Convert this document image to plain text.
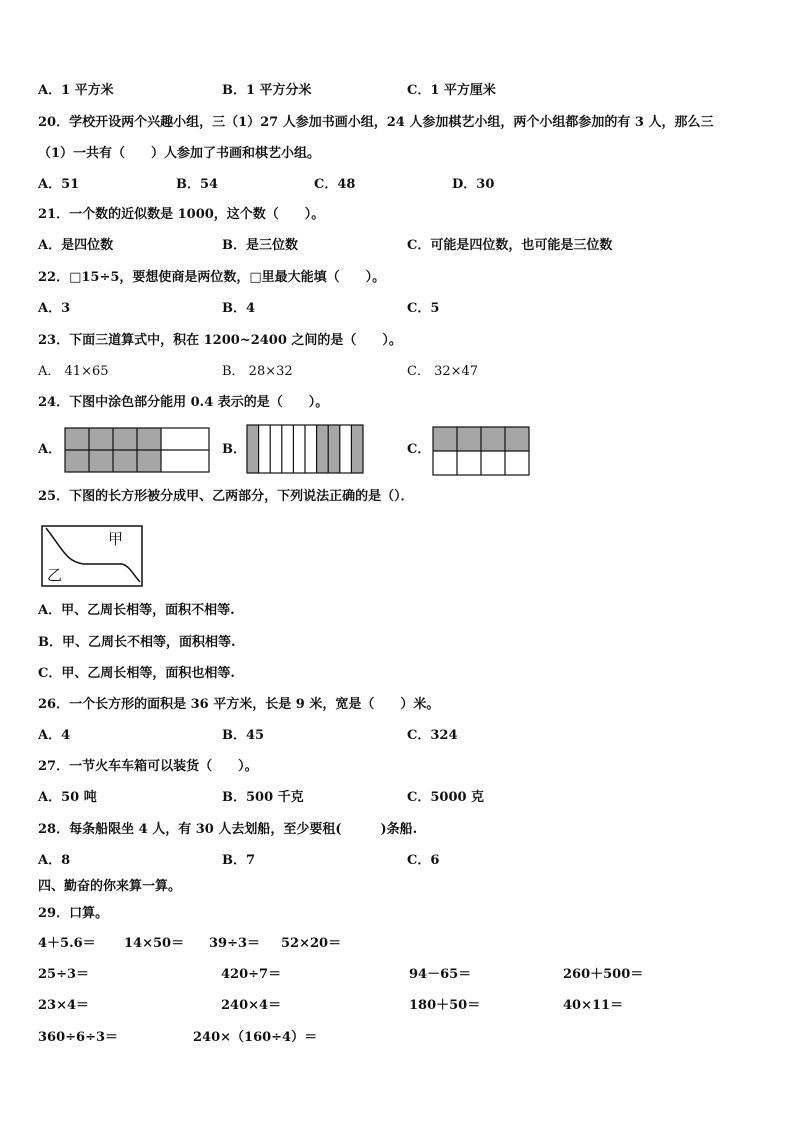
A．1 平方米	B．1 平方分米	C．1 平方厘米
20．学校开设两个兴趣小组，三（1）27 人参加书画小组，24 人参加棋艺小组，两个小组都参加的有 3 人，那么三
（1）一共有（　　）人参加了书画和棋艺小组。
A．51	B．54	C．48	D．30
21．一个数的近似数是 1000，这个数（　　）。
A．是四位数	B．是三位数	C．可能是四位数，也可能是三位数
22．□15÷5，要想使商是两位数，□里最大能填（　　）。
A．3	B．4	C．5
23．下面三道算式中，积在 1200~2400 之间的是（　　）。
A． 41×65	B． 28×32	C． 32×47
24．下图中涂色部分能用 0.4 表示的是（　　）。
A．	B．	C．
25．下图的长方形被分成甲、乙两部分，下列说法正确的是（）．
甲
乙
A．甲、乙周长相等，面积不相等.
B．甲、乙周长不相等，面积相等.
C．甲、乙周长相等，面积也相等.
26．一个长方形的面积是 36 平方米，长是 9 米，宽是（　　）米。
A．4	B．45	C．324
27．一节火车车箱可以装货（　　）。
A．50 吨	B．500 千克	C．5000 克
28．每条船限坐 4 人，有 30 人去划船，至少要租(　　　)条船.
A．8	B．7	C．6
四、勤奋的你来算一算。
29．口算。
4＋5.6＝ 14×50＝ 39÷3＝ 52×20＝
25÷3＝	420÷7＝	94－65＝	260＋500＝
23×4＝	240×4＝	180＋50＝	40×11＝
360÷6÷3＝	240×（160÷4）＝
